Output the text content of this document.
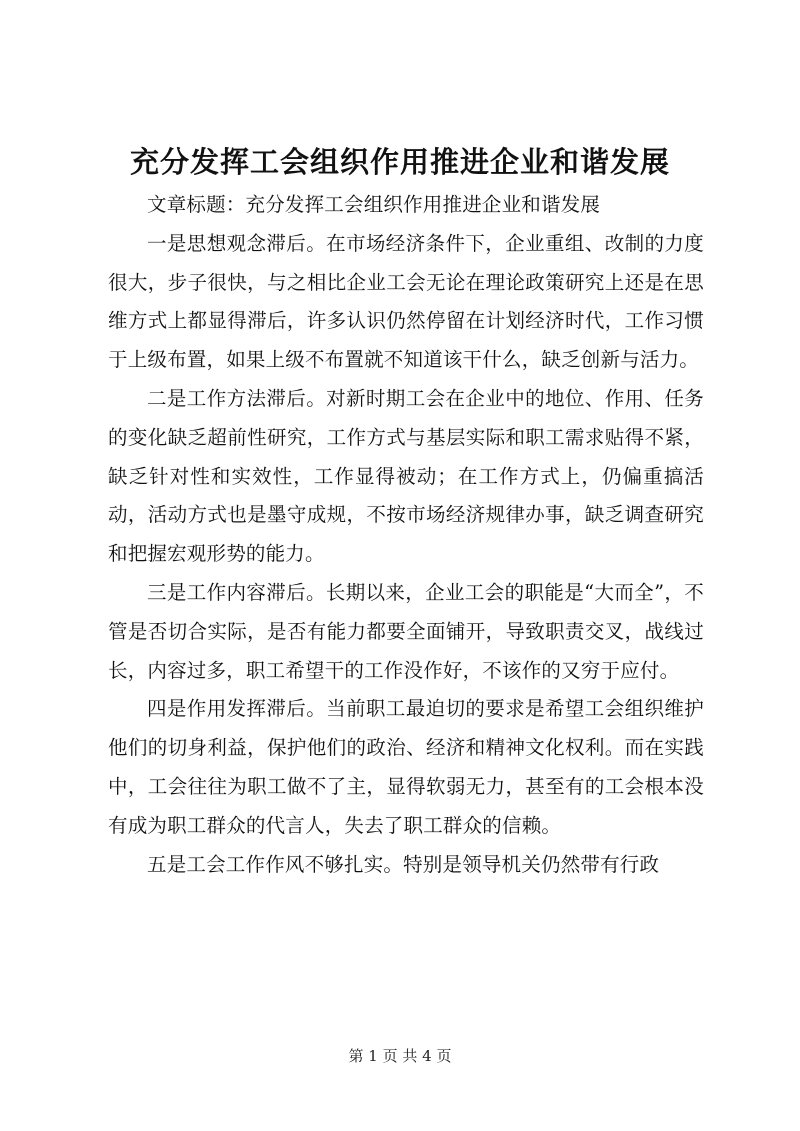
充分发挥工会组织作用推进企业和谐发展

文章标题：充分发挥工会组织作用推进企业和谐发展

一是思想观念滞后。在市场经济条件下，企业重组、改制的力度很大，步子很快，与之相比企业工会无论在理论政策研究上还是在思维方式上都显得滞后，许多认识仍然停留在计划经济时代，工作习惯于上级布置，如果上级不布置就不知道该干什么，缺乏创新与活力。

二是工作方法滞后。对新时期工会在企业中的地位、作用、任务的变化缺乏超前性研究，工作方式与基层实际和职工需求贴得不紧，缺乏针对性和实效性，工作显得被动；在工作方式上，仍偏重搞活动，活动方式也是墨守成规，不按市场经济规律办事，缺乏调查研究和把握宏观形势的能力。

三是工作内容滞后。长期以来，企业工会的职能是“大而全”，不管是否切合实际，是否有能力都要全面铺开，导致职责交叉，战线过长，内容过多，职工希望干的工作没作好，不该作的又穷于应付。

四是作用发挥滞后。当前职工最迫切的要求是希望工会组织维护他们的切身利益，保护他们的政治、经济和精神文化权利。而在实践中，工会往往为职工做不了主，显得软弱无力，甚至有的工会根本没有成为职工群众的代言人，失去了职工群众的信赖。

五是工会工作作风不够扎实。特别是领导机关仍然带有行政

第 1 页 共 4 页
